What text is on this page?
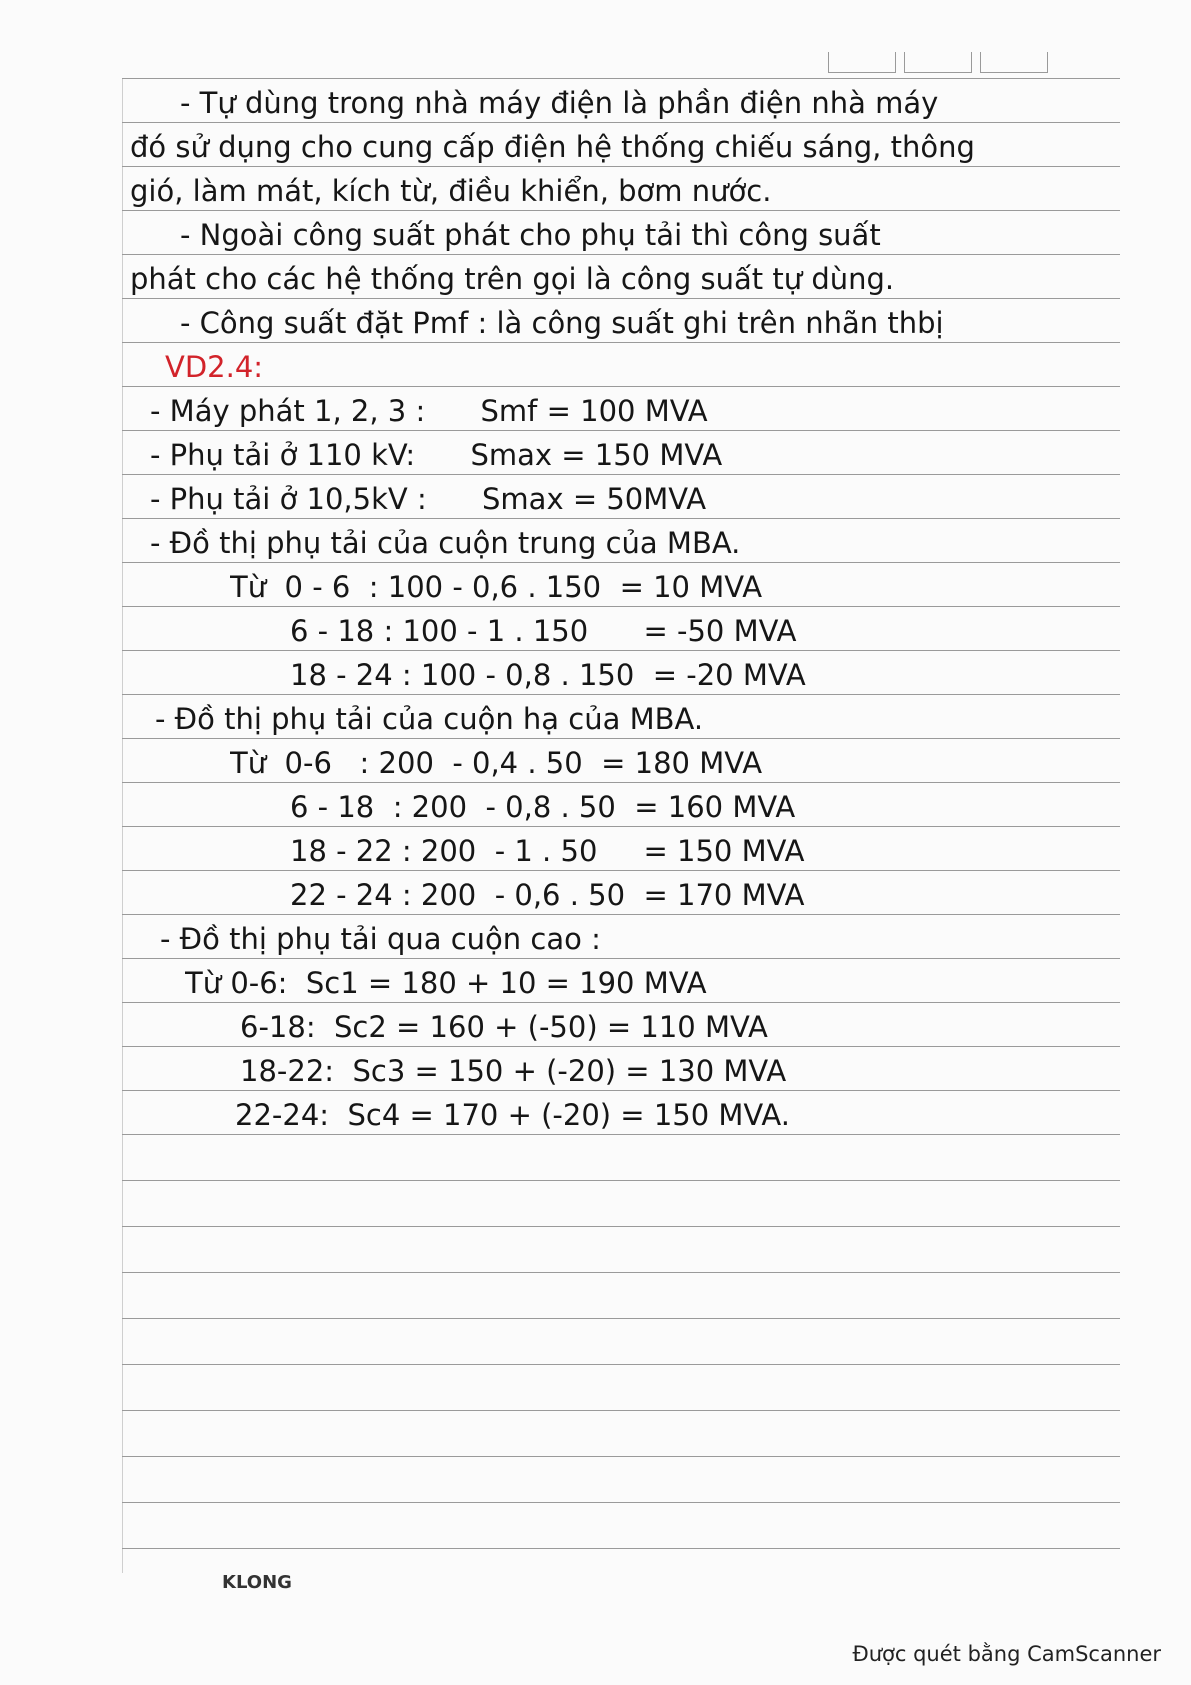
- Tự dùng trong nhà máy điện là phần điện nhà máy
đó sử dụng cho cung cấp điện hệ thống chiếu sáng, thông
gió, làm mát, kích từ, điều khiển, bơm nước.
- Ngoài công suất phát cho phụ tải thì công suất
phát cho các hệ thống trên gọi là công suất tự dùng.
- Công suất đặt Pmf : là công suất ghi trên nhãn thbị
VD2.4:
- Máy phát 1, 2, 3 :      Smf = 100 MVA
- Phụ tải ở 110 kV:      Smax = 150 MVA
- Phụ tải ở 10,5kV :      Smax = 50MVA
- Đồ thị phụ tải của cuộn trung của MBA.
Từ  0 - 6  : 100 - 0,6 . 150  = 10 MVA
6 - 18 : 100 - 1 . 150      = -50 MVA
18 - 24 : 100 - 0,8 . 150  = -20 MVA
- Đồ thị phụ tải của cuộn hạ của MBA.
Từ  0-6   : 200  - 0,4 . 50  = 180 MVA
6 - 18  : 200  - 0,8 . 50  = 160 MVA
18 - 22 : 200  - 1 . 50     = 150 MVA
22 - 24 : 200  - 0,6 . 50  = 170 MVA
- Đồ thị phụ tải qua cuộn cao :
Từ 0-6:  Sc1 = 180 + 10 = 190 MVA
6-18:  Sc2 = 160 + (-50) = 110 MVA
18-22:  Sc3 = 150 + (-20) = 130 MVA
22-24:  Sc4 = 170 + (-20) = 150 MVA.
KLONG
Được quét bằng CamScanner
